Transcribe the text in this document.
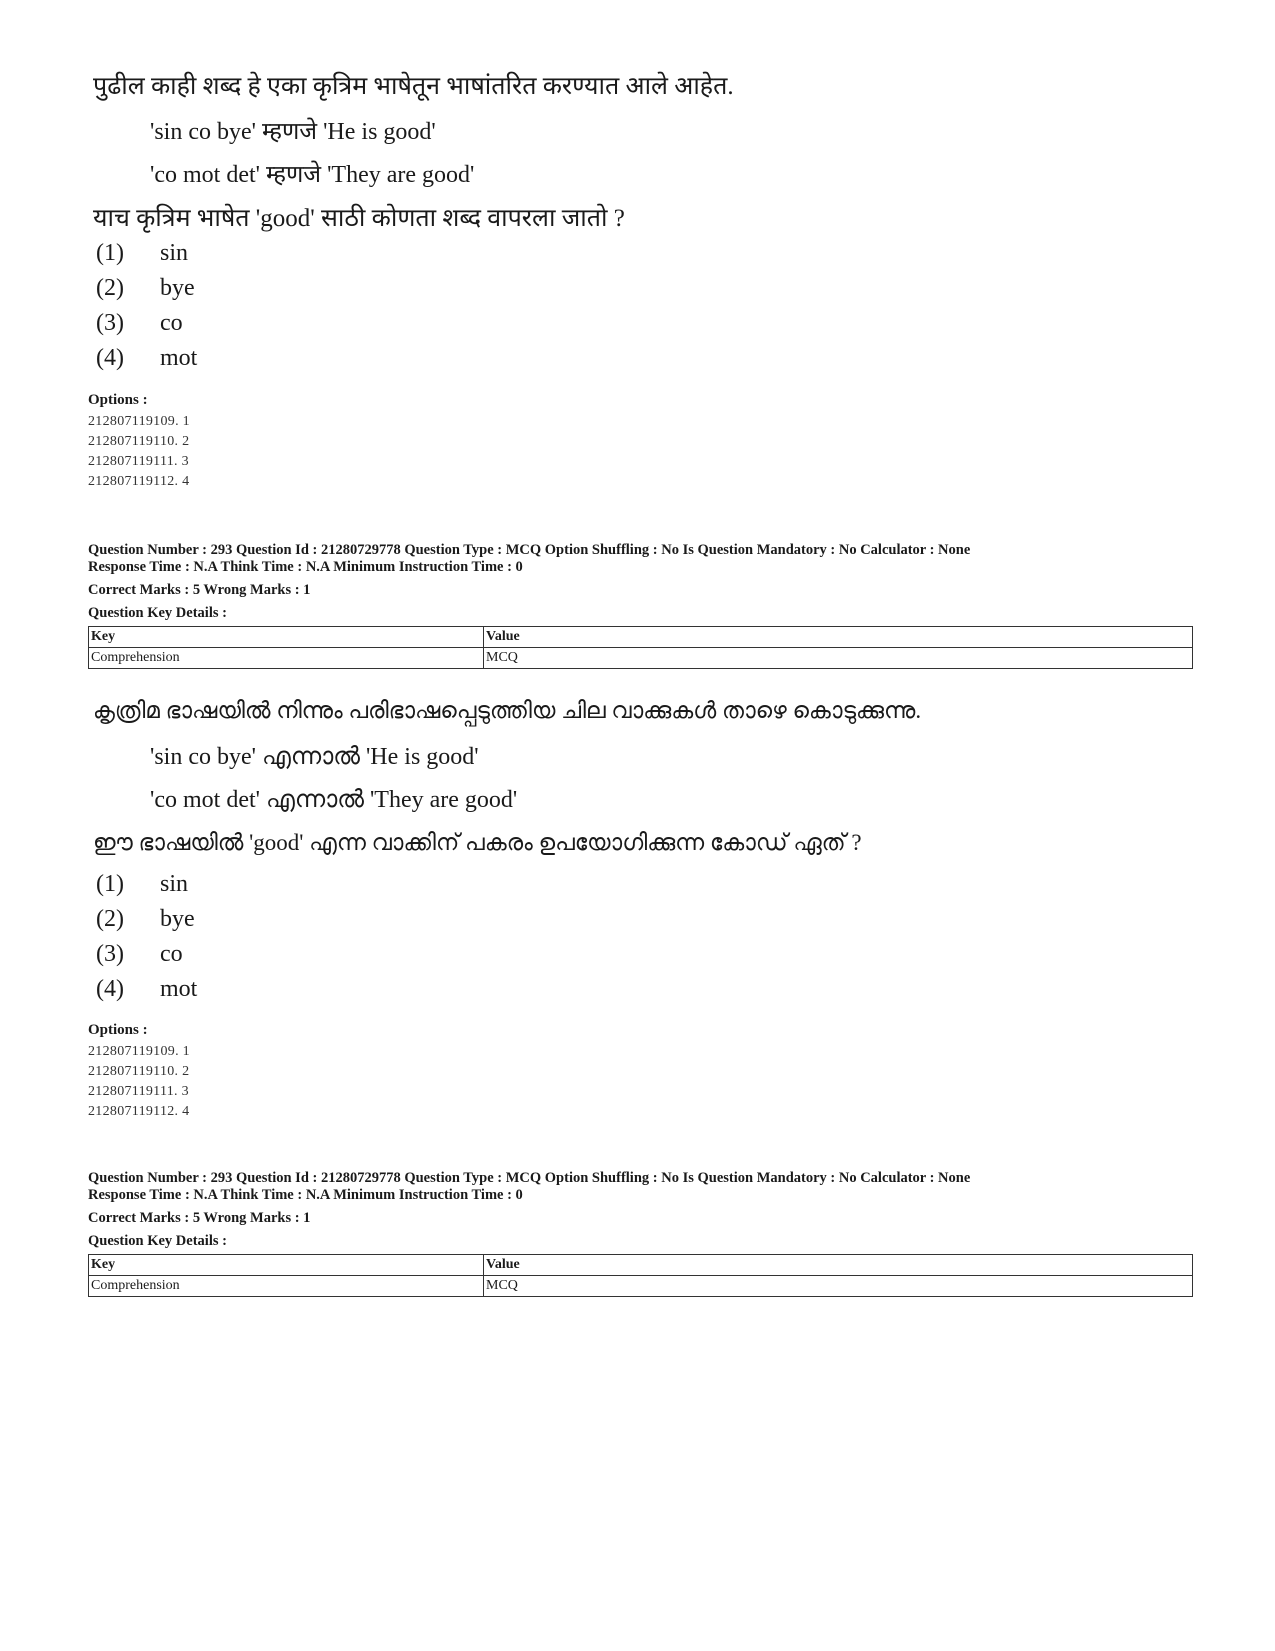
पुढील काही शब्द हे एका कृत्रिम भाषेतून भाषांतरित करण्यात आले आहेत.
'sin co bye' म्हणजे 'He is good'
'co mot det' म्हणजे 'They are good'
याच कृत्रिम भाषेत 'good' साठी कोणता शब्द वापरला जातो ?
(1) sin
(2) bye
(3) co
(4) mot
Options :
212807119109. 1
212807119110. 2
212807119111. 3
212807119112. 4
Question Number : 293 Question Id : 21280729778 Question Type : MCQ Option Shuffling : No Is Question Mandatory : No Calculator : None
Response Time : N.A Think Time : N.A Minimum Instruction Time : 0
Correct Marks : 5 Wrong Marks : 1
Question Key Details :
Key	Value
Comprehension	MCQ
കൃത്രിമ ഭാഷയിൽ നിന്നും പരിഭാഷപ്പെടുത്തിയ ചില വാക്കുകൾ താഴെ കൊടുക്കുന്നു.
'sin co bye' എന്നാൽ 'He is good'
'co mot det' എന്നാൽ 'They are good'
ഈ ഭാഷയിൽ 'good' എന്ന വാക്കിന് പകരം ഉപയോഗിക്കുന്ന കോഡ് ഏത് ?
(1) sin
(2) bye
(3) co
(4) mot
Options :
212807119109. 1
212807119110. 2
212807119111. 3
212807119112. 4
Question Number : 293 Question Id : 21280729778 Question Type : MCQ Option Shuffling : No Is Question Mandatory : No Calculator : None
Response Time : N.A Think Time : N.A Minimum Instruction Time : 0
Correct Marks : 5 Wrong Marks : 1
Question Key Details :
Key	Value
Comprehension	MCQ
